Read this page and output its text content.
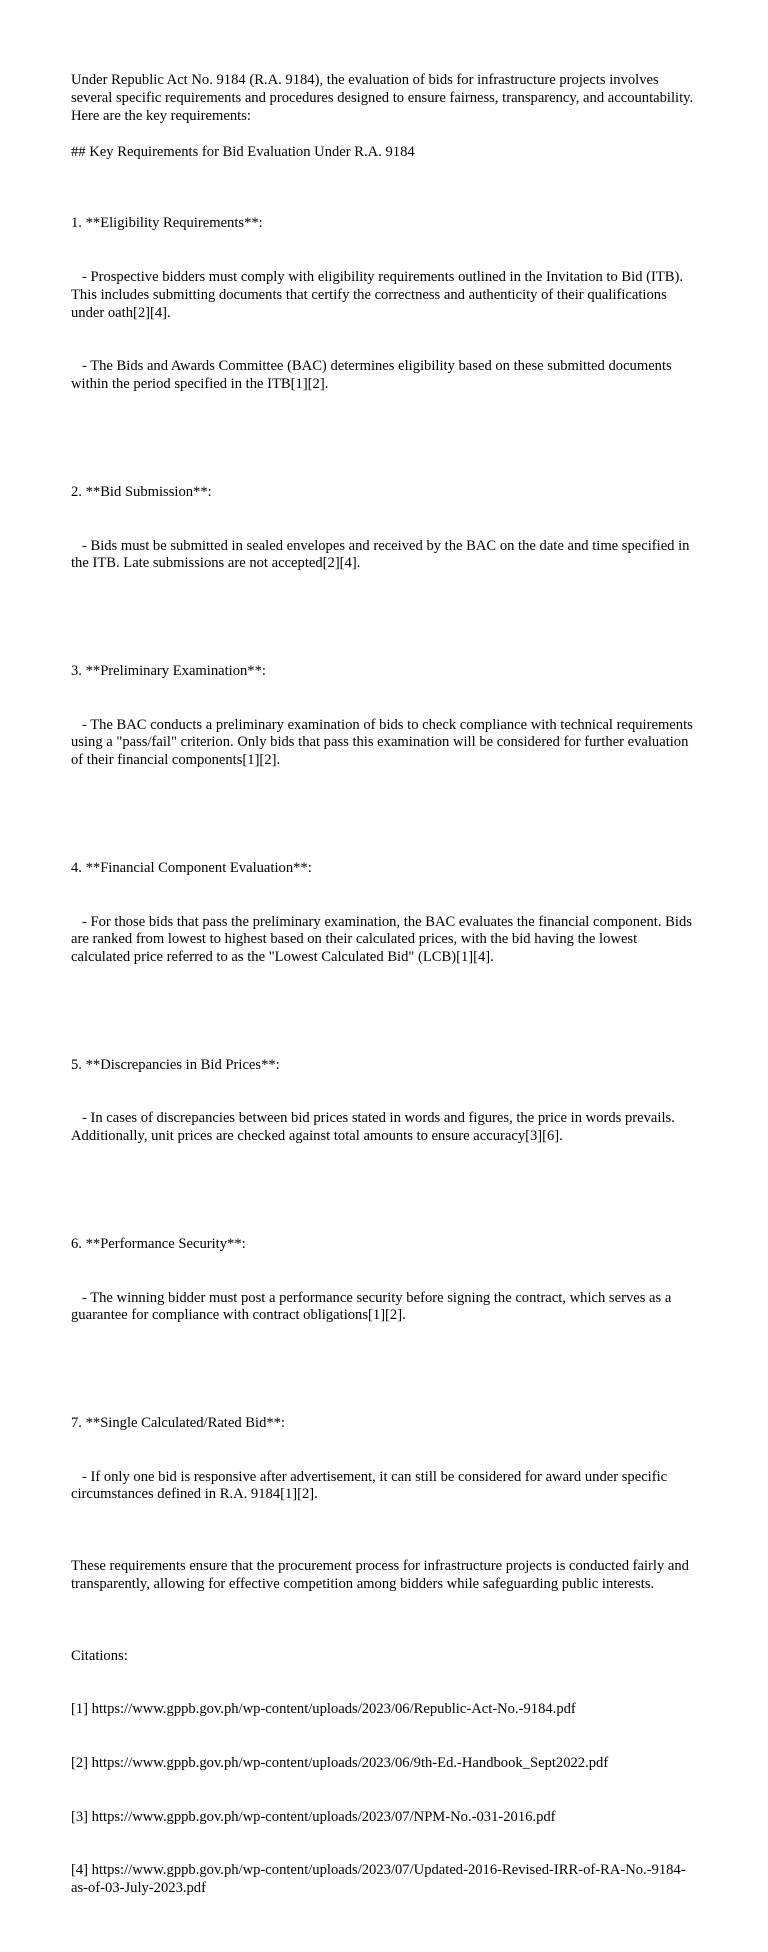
Under Republic Act No. 9184 (R.A. 9184), the evaluation of bids for infrastructure projects involves several specific requirements and procedures designed to ensure fairness, transparency, and accountability. Here are the key requirements:

## Key Requirements for Bid Evaluation Under R.A. 9184

1. **Eligibility Requirements**:

- Prospective bidders must comply with eligibility requirements outlined in the Invitation to Bid (ITB). This includes submitting documents that certify the correctness and authenticity of their qualifications under oath[2][4].

- The Bids and Awards Committee (BAC) determines eligibility based on these submitted documents within the period specified in the ITB[1][2].

2. **Bid Submission**:

- Bids must be submitted in sealed envelopes and received by the BAC on the date and time specified in the ITB. Late submissions are not accepted[2][4].

3. **Preliminary Examination**:

- The BAC conducts a preliminary examination of bids to check compliance with technical requirements using a "pass/fail" criterion. Only bids that pass this examination will be considered for further evaluation of their financial components[1][2].

4. **Financial Component Evaluation**:

- For those bids that pass the preliminary examination, the BAC evaluates the financial component. Bids are ranked from lowest to highest based on their calculated prices, with the bid having the lowest calculated price referred to as the "Lowest Calculated Bid" (LCB)[1][4].

5. **Discrepancies in Bid Prices**:

- In cases of discrepancies between bid prices stated in words and figures, the price in words prevails. Additionally, unit prices are checked against total amounts to ensure accuracy[3][6].

6. **Performance Security**:

- The winning bidder must post a performance security before signing the contract, which serves as a guarantee for compliance with contract obligations[1][2].

7. **Single Calculated/Rated Bid**:

- If only one bid is responsive after advertisement, it can still be considered for award under specific circumstances defined in R.A. 9184[1][2].

These requirements ensure that the procurement process for infrastructure projects is conducted fairly and transparently, allowing for effective competition among bidders while safeguarding public interests.

Citations:

[1] https://www.gppb.gov.ph/wp-content/uploads/2023/06/Republic-Act-No.-9184.pdf

[2] https://www.gppb.gov.ph/wp-content/uploads/2023/06/9th-Ed.-Handbook_Sept2022.pdf

[3] https://www.gppb.gov.ph/wp-content/uploads/2023/07/NPM-No.-031-2016.pdf

[4] https://www.gppb.gov.ph/wp-content/uploads/2023/07/Updated-2016-Revised-IRR-of-RA-No.-9184-as-of-03-July-2023.pdf
